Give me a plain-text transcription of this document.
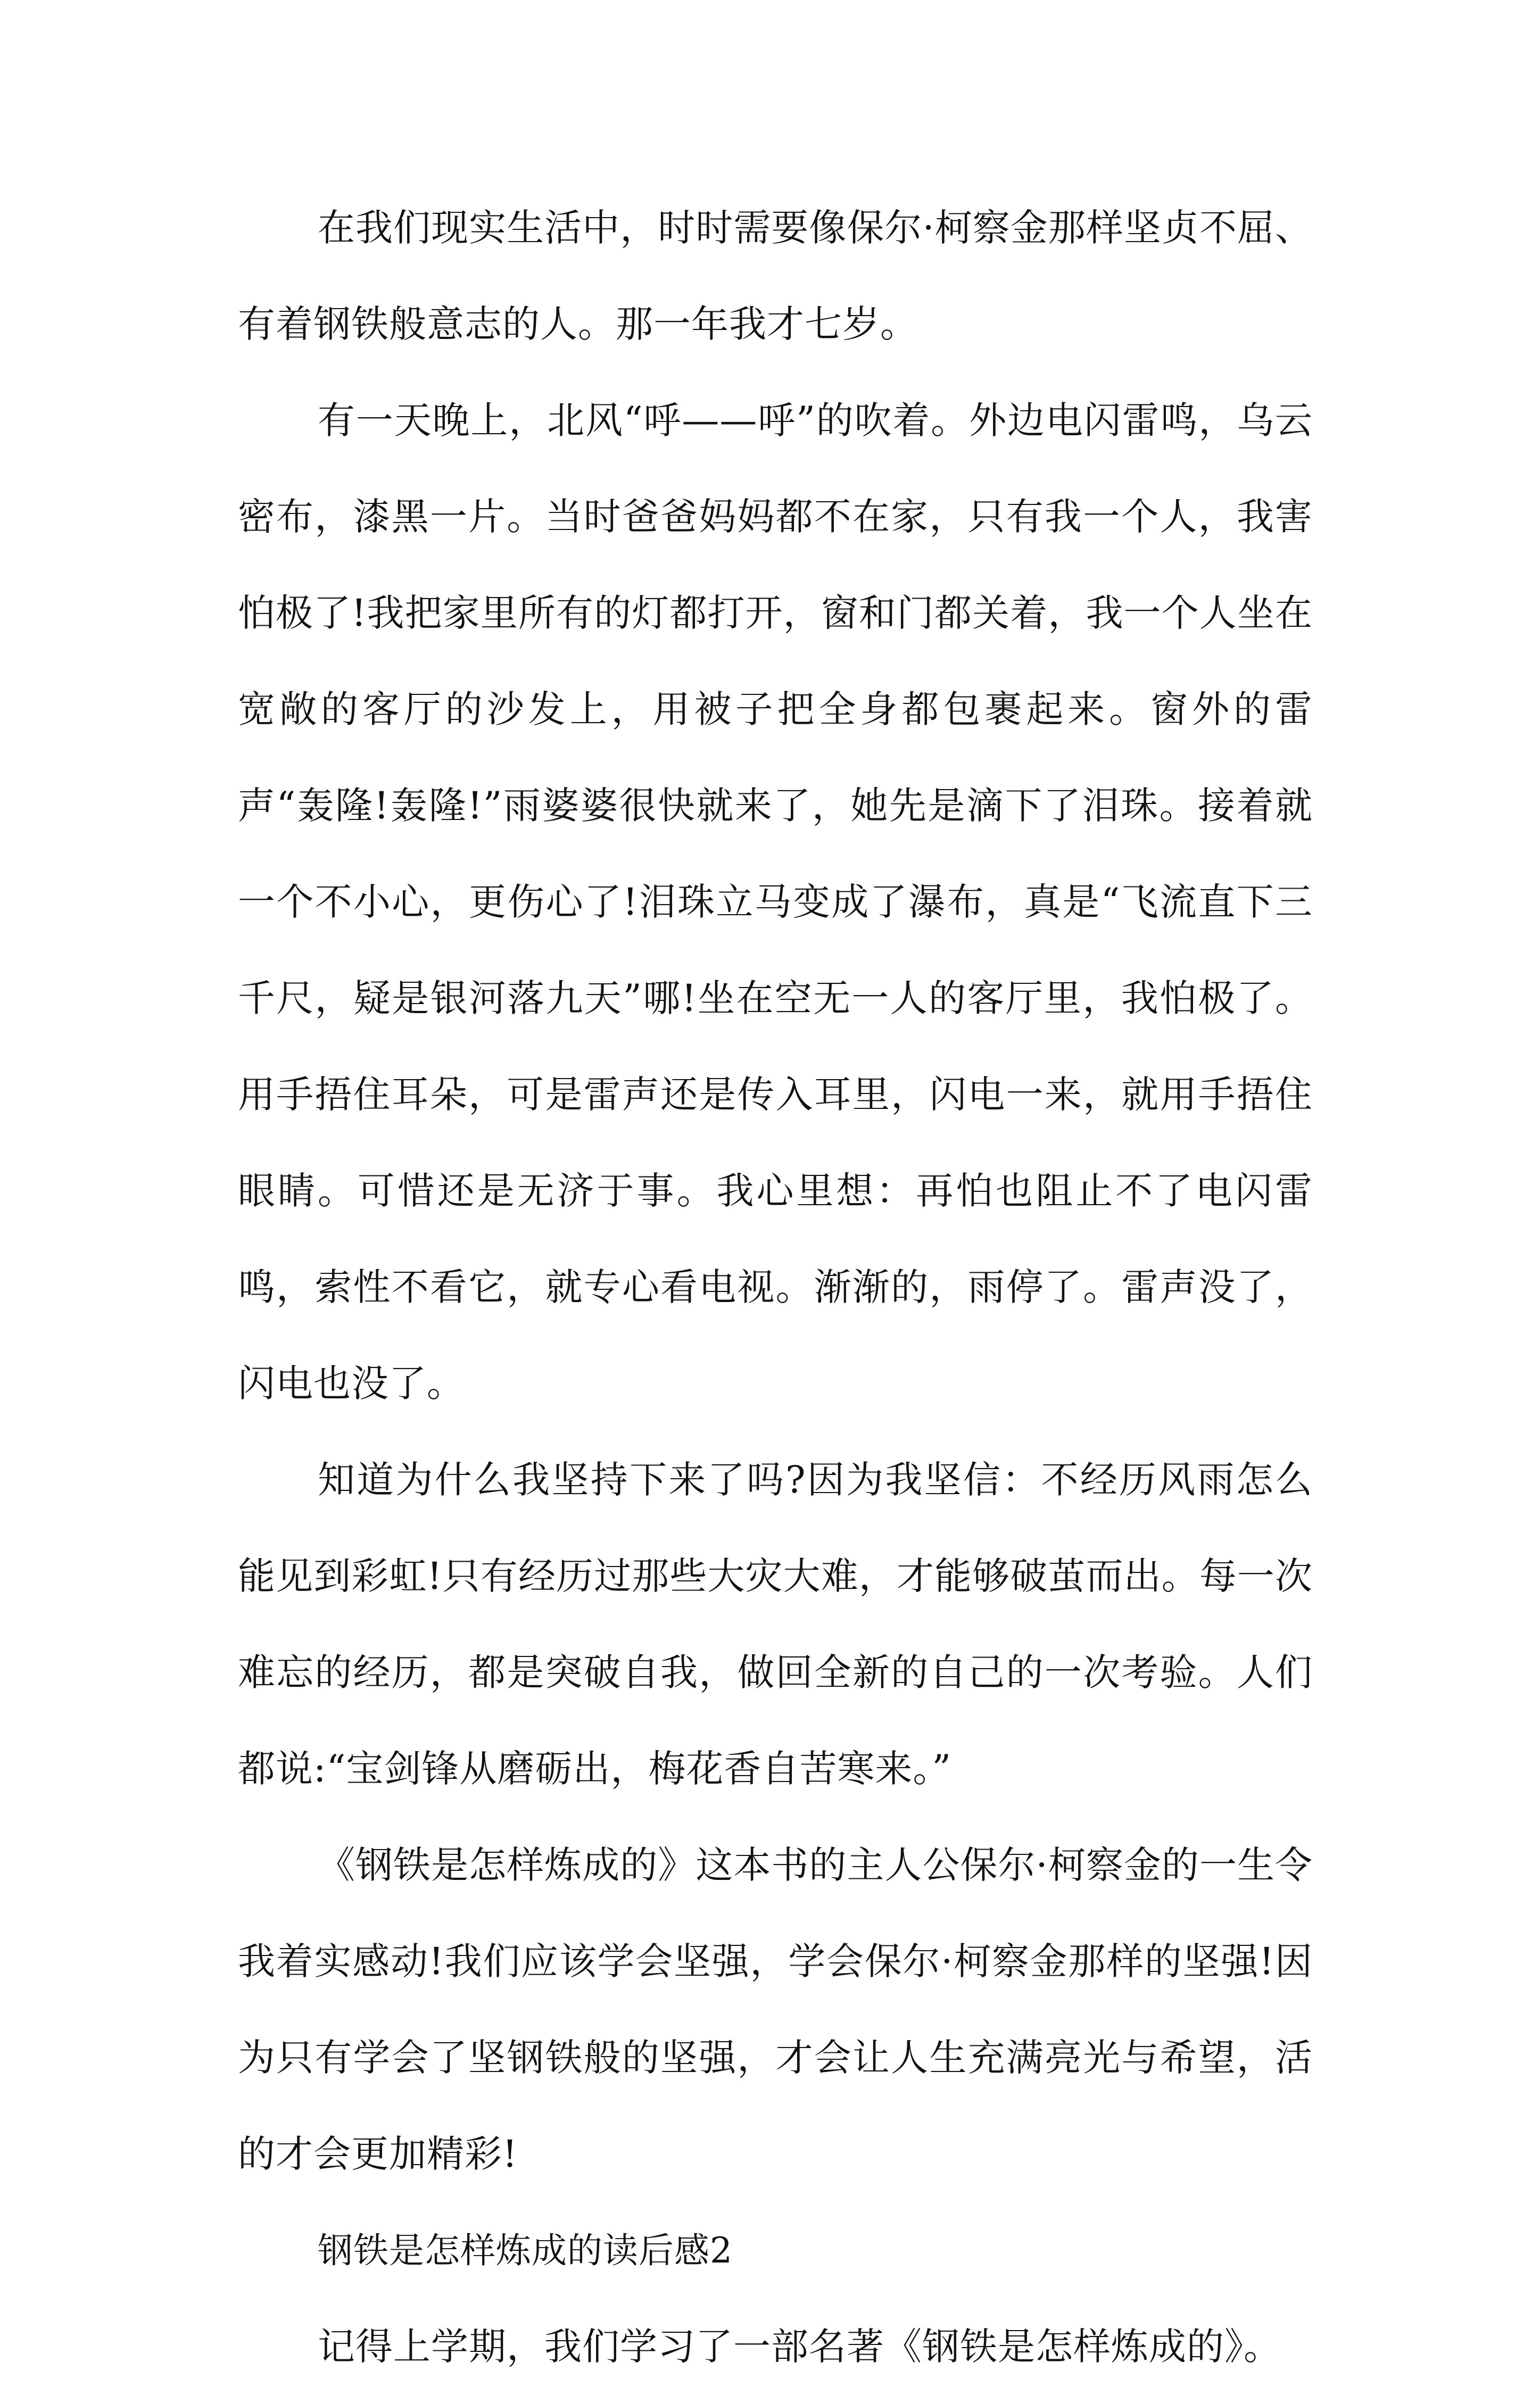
在我们现实生活中，时时需要像保尔·柯察金那样坚贞不屈、有着钢铁般意志的人。那一年我才七岁。

有一天晚上，北风“呼——呼”的吹着。外边电闪雷鸣，乌云密布，漆黑一片。当时爸爸妈妈都不在家，只有我一个人，我害怕极了!我把家里所有的灯都打开，窗和门都关着，我一个人坐在宽敞的客厅的沙发上，用被子把全身都包裹起来。窗外的雷声“轰隆!轰隆!”雨婆婆很快就来了，她先是滴下了泪珠。接着就一个不小心，更伤心了!泪珠立马变成了瀑布，真是“飞流直下三千尺，疑是银河落九天”哪!坐在空无一人的客厅里，我怕极了。用手捂住耳朵，可是雷声还是传入耳里，闪电一来，就用手捂住眼睛。可惜还是无济于事。我心里想：再怕也阻止不了电闪雷鸣，索性不看它，就专心看电视。渐渐的，雨停了。雷声没了，闪电也没了。

知道为什么我坚持下来了吗?因为我坚信：不经历风雨怎么能见到彩虹!只有经历过那些大灾大难，才能够破茧而出。每一次难忘的经历，都是突破自我，做回全新的自己的一次考验。人们都说:“宝剑锋从磨砺出，梅花香自苦寒来。”

《钢铁是怎样炼成的》这本书的主人公保尔·柯察金的一生令我着实感动!我们应该学会坚强，学会保尔·柯察金那样的坚强!因为只有学会了坚钢铁般的坚强，才会让人生充满亮光与希望，活的才会更加精彩!

钢铁是怎样炼成的读后感2

记得上学期，我们学习了一部名著《钢铁是怎样炼成的》。
